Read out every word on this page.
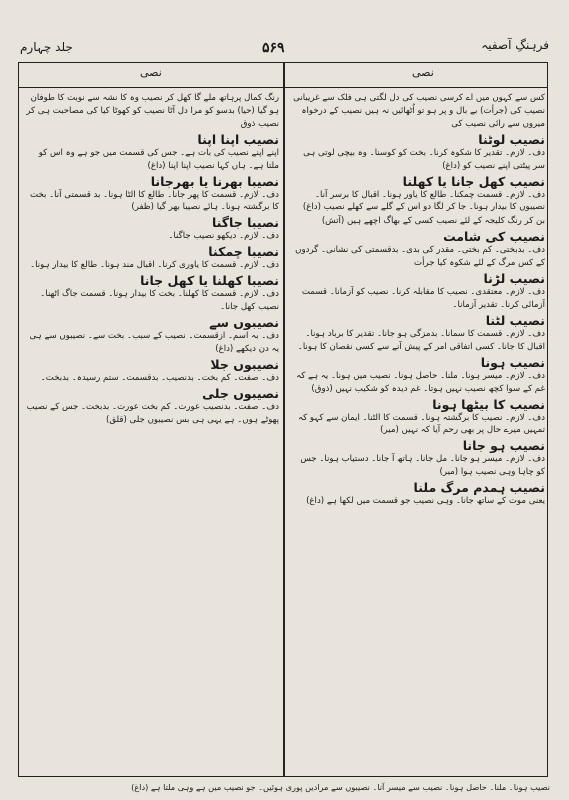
جلد چہارم	۵۶۹	فرہنگِ آصفیہ
نصی	نصی
کس سے کہوں میں اے کرسی نصیب کی دل لگتی ہی فلک سے غریبانی نصیب کی (جرأت) بے بال و پر ہو تو اُٹھائیں نہ ہیں نصیب کے درخواہ میروں سے رائی نصیب کی
نصیب لوٹنا
دف۔ لازم۔ تقدیر کا شکوہ کرنا۔ بخت کو کوسنا۔ وہ بیچی لوتی ہی سر پیٹتی اپنے نصیب کو (داغ)
نصیب کھل جانا یا کھلنا
دف۔ لازم۔ قسمت چمکنا۔ طالع کا یاور ہونا۔ اقبال کا برسر آنا۔ نصیبوں کا بیدار ہونا۔ جا کر لگا دو اس کے گلے سے کھلے نصیب (داغ)
بن کر رنگ کلیجہ کے لئے نصیب کسی کے بھاگ اچھے ہیں (آتش)
نصیب کی شامت
دف۔ بدبختی۔ کم بختی۔ مقدر کی بدی۔ بدقسمتی کی نشانی۔ گردوں کے کس مرگ کے لئے شکوہ کیا جرأت
نصیب لڑنا
دف۔ لازم۔ معتقدی۔ نصیب کا مقابلہ کرنا۔ نصیب کو آزمانا۔ قسمت آزمائی کرنا۔ تقدیر آزمانا۔
نصیب لٹنا
دف۔ لازم۔ قسمت کا سمانا۔ بدمزگی ہو جانا۔ تقدیر کا برباد ہونا۔ اقبال کا جانا۔ کسی اتفاقی امر کے پیش آنے سے کسی نقصان کا ہونا۔
نصیب ہونا
دف۔ لازم۔ میسر ہونا۔ ملنا۔ حاصل ہونا۔ نصیب میں ہونا۔ یہ ہے کہ غم کے سوا کچھ نصیب نہیں ہوتا۔ غم دیدہ کو شکیب نہیں (ذوق)
نصیب کا بیٹھا ہونا
دف۔ لازم۔ نصیب کا برگشتہ ہونا۔ قسمت کا الٹنا۔ ایمان سے کہو کہ تمہیں میرے حال پر بھی رحم آیا کہ نہیں (میر)
نصیب ہو جانا
دف۔ لازم۔ میسر ہو جانا۔ مل جانا۔ ہاتھ آ جانا۔ دستیاب ہونا۔ جس کو چاہا وہی نصیب ہوا (میر)
نصیب ہمدم مرگ ملنا
یعنی موت کے ساتھ جانا۔ وہی نصیب جو قسمت میں لکھا ہے (داغ)
رنگ کمال پرہاتھ ملے گا کھل کر نصیب وہ کا نشہ سے نوبت کا طوفان ہو گیا (حیا) بدسو کو مرا دل آٹا نصیب کو کھوٹا کیا کی مصاحبت ہی کر نصیب ذوق
نصیب اپنا اپنا
اپنے اپنے نصیب کی بات ہے۔ جس کی قسمت میں جو ہے وہ اس کو ملتا ہے۔ ہاں کہا نصیب اپنا اپنا (داغ)
نصیبا بھرنا یا بھرجانا
دف۔ لازم۔ قسمت کا پھر جانا۔ طالع کا الٹا ہونا۔ بد قسمتی آنا۔ بخت کا برگشتہ ہونا۔ ہائے نصیبا بھر گیا (ظفر)
نصیبا جاگنا
دف۔ لازم۔ دیکھو نصیب جاگنا۔
نصیبا چمکنا
دف۔ لازم۔ قسمت کا یاوری کرنا۔ اقبال مند ہونا۔ طالع کا بیدار ہونا۔
نصیبا کھلنا یا کھل جانا
دف۔ لازم۔ قسمت کا کھلنا۔ بخت کا بیدار ہونا۔ قسمت جاگ اٹھنا۔ نصیب کھل جانا۔
نصیبوں سے
دف۔ بہ اسم۔ ازقسمت۔ نصیب کے سبب۔ بخت سے۔ نصیبوں سے ہی یہ دن دیکھے (داغ)
نصیبوں جلا
دف۔ صفت۔ کم بخت۔ بدنصیب۔ بدقسمت۔ ستم رسیدہ۔ بدبخت۔
نصیبوں جلی
دف۔ صفت۔ بدنصیب عورت۔ کم بخت عورت۔ بدبخت۔ جس کے نصیب پھوٹے ہوں۔ ہے یہی ہی بس نصیبوں جلی (قلق)
نصیب ہونا۔ ملنا۔ حاصل ہونا۔ نصیب سے میسر آنا۔ نصیبوں سے مرادیں پوری ہوئیں۔ جو نصیب میں ہے وہی ملتا ہے (داغ)
